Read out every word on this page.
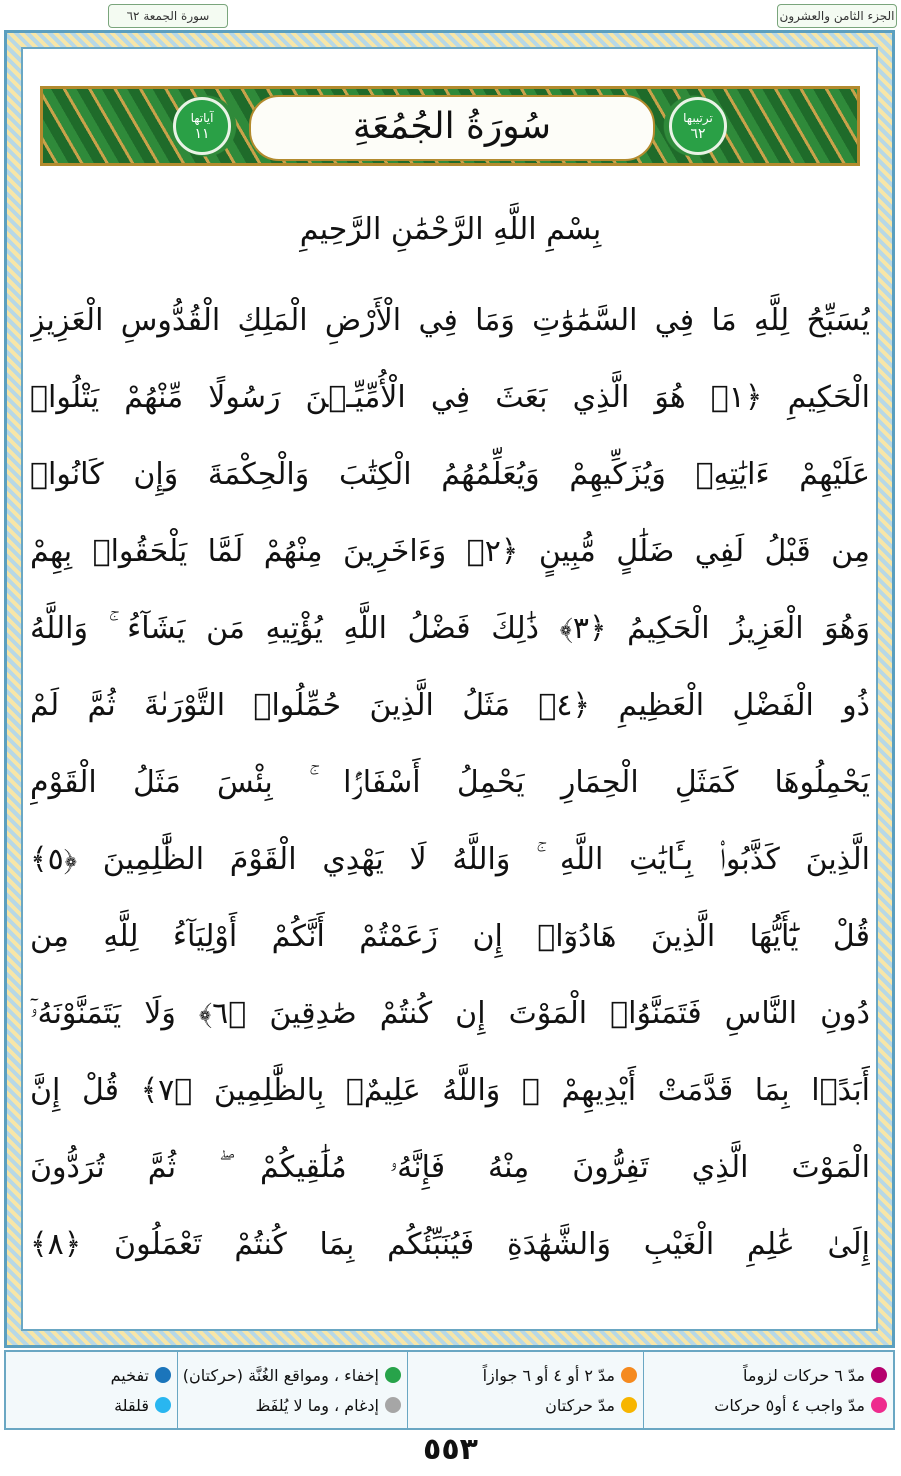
الجزء الثامن والعشرون
سورة الجمعة ٦٢
ترتيبها
٦٢
سُورَةُ الجُمُعَةِ
آياتها
١١
بِسْمِ اللَّهِ الرَّحْمَٰنِ الرَّحِيمِ
يُسَبِّحُ لِلَّهِ مَا فِي السَّمَٰوَٰتِ وَمَا فِي الْأَرْضِ الْمَلِكِ الْقُدُّوسِ الْعَزِيزِ
الْحَكِيمِ ﴿١﴾ هُوَ الَّذِي بَعَثَ فِي الْأُمِّيِّـۧنَ رَسُولًا مِّنْهُمْ يَتْلُوا۟
عَلَيْهِمْ ءَايَٰتِهِۦ وَيُزَكِّيهِمْ وَيُعَلِّمُهُمُ الْكِتَٰبَ وَالْحِكْمَةَ وَإِن كَانُوا۟
مِن قَبْلُ لَفِي ضَلَٰلٍ مُّبِينٍ ﴿٢﴾ وَءَاخَرِينَ مِنْهُمْ لَمَّا يَلْحَقُوا۟ بِهِمْ
وَهُوَ الْعَزِيزُ الْحَكِيمُ ﴿٣﴾ ذَٰلِكَ فَضْلُ اللَّهِ يُؤْتِيهِ مَن يَشَآءُ ۚ وَاللَّهُ
ذُو الْفَضْلِ الْعَظِيمِ ﴿٤﴾ مَثَلُ الَّذِينَ حُمِّلُوا۟ التَّوْرَىٰةَ ثُمَّ لَمْ
يَحْمِلُوهَا كَمَثَلِ الْحِمَارِ يَحْمِلُ أَسْفَارًۢا ۚ بِئْسَ مَثَلُ الْقَوْمِ
الَّذِينَ كَذَّبُوا۟ بِـَٔايَٰتِ اللَّهِ ۚ وَاللَّهُ لَا يَهْدِي الْقَوْمَ الظَّٰلِمِينَ ﴿٥﴾
قُلْ يَٰٓأَيُّهَا الَّذِينَ هَادُوٓا۟ إِن زَعَمْتُمْ أَنَّكُمْ أَوْلِيَآءُ لِلَّهِ مِن
دُونِ النَّاسِ فَتَمَنَّوُا۟ الْمَوْتَ إِن كُنتُمْ صَٰدِقِينَ ﴿٦﴾ وَلَا يَتَمَنَّوْنَهُۥٓ
أَبَدًۢا بِمَا قَدَّمَتْ أَيْدِيهِمْ ۚ وَاللَّهُ عَلِيمٌۢ بِالظَّٰلِمِينَ ﴿٧﴾ قُلْ إِنَّ
الْمَوْتَ الَّذِي تَفِرُّونَ مِنْهُ فَإِنَّهُۥ مُلَٰقِيكُمْ ۖ ثُمَّ تُرَدُّونَ
إِلَىٰ عَٰلِمِ الْغَيْبِ وَالشَّهَٰدَةِ فَيُنَبِّئُكُم بِمَا كُنتُمْ تَعْمَلُونَ ﴿٨﴾
مدّ ٦ حركات لزوماً
مدّ واجب ٤ أو٥ حركات
مدّ ٢ أو ٤ أو ٦ جوازاً
مدّ حركتان
إخفاء ، ومواقع الغُنَّة (حركتان)
إدغام ، وما لا يُلفَظ
تفخيم
قلقلة
٥٥٣
